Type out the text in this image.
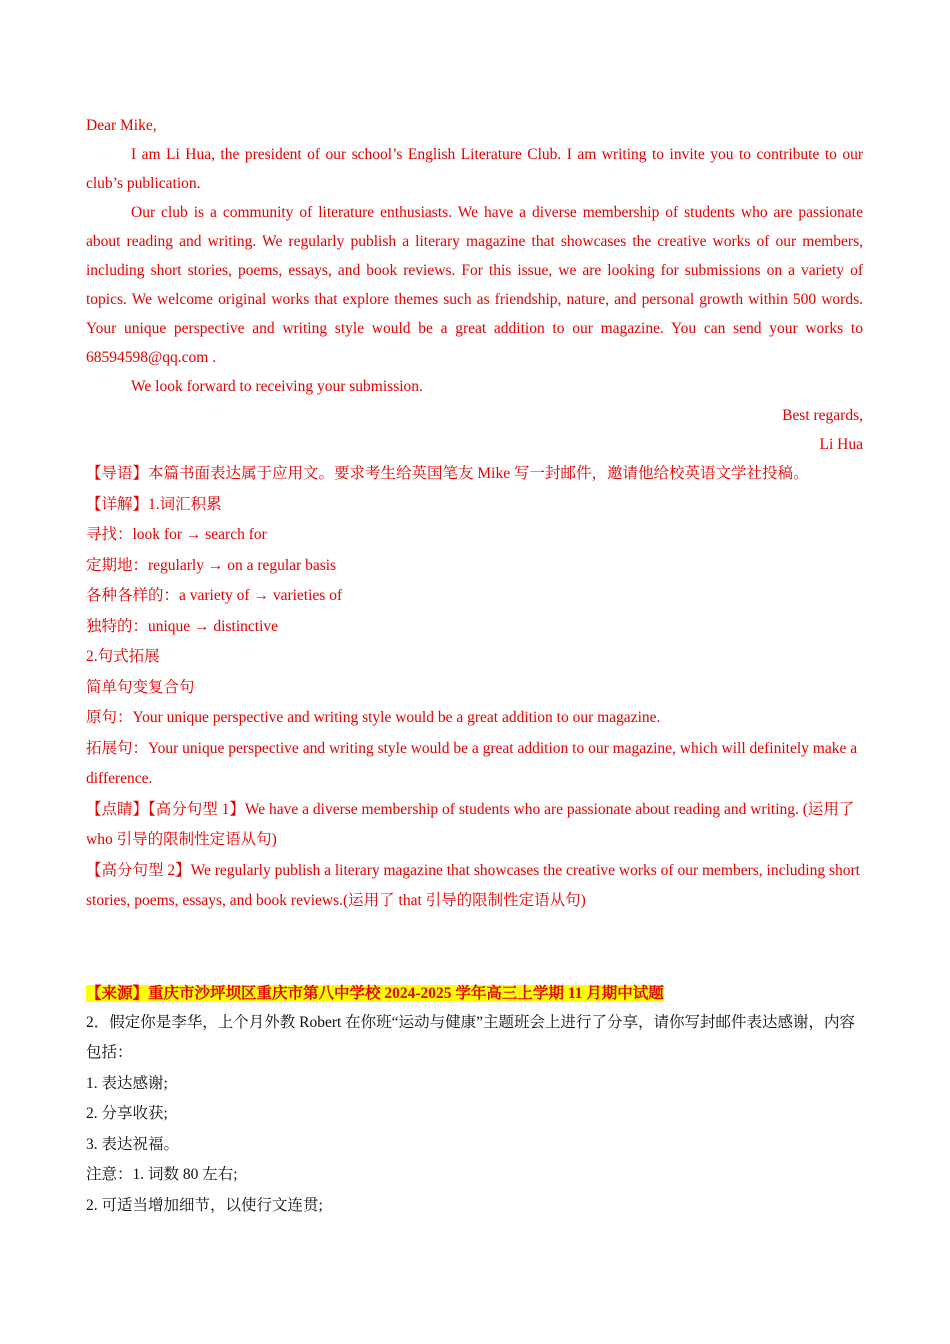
Dear Mike,

I am Li Hua, the president of our school’s English Literature Club. I am writing to invite you to contribute to our club’s publication.

Our club is a community of literature enthusiasts. We have a diverse membership of students who are passionate about reading and writing. We regularly publish a literary magazine that showcases the creative works of our members, including short stories, poems, essays, and book reviews. For this issue, we are looking for submissions on a variety of topics. We welcome original works that explore themes such as friendship, nature, and personal growth within 500 words. Your unique perspective and writing style would be a great addition to our magazine. You can send your works to 68594598@qq.com .

We look forward to receiving your submission.

Best regards,

Li Hua

【导语】本篇书面表达属于应用文。要求考生给英国笔友 Mike 写一封邮件，邀请他给校英语文学社投稿。

【详解】1.词汇积累

寻找：look for → search for

定期地：regularly → on a regular basis

各种各样的：a variety of → varieties of

独特的：unique → distinctive

2.句式拓展

简单句变复合句

原句：Your unique perspective and writing style would be a great addition to our magazine.

拓展句：Your unique perspective and writing style would be a great addition to our magazine, which will definitely make a difference.

【点睛】【高分句型 1】We have a diverse membership of students who are passionate about reading and writing. (运用了 who 引导的限制性定语从句)

【高分句型 2】We regularly publish a literary magazine that showcases the creative works of our members, including short stories, poems, essays, and book reviews.(运用了 that 引导的限制性定语从句)

【来源】重庆市沙坪坝区重庆市第八中学校 2024-2025 学年高三上学期 11 月期中试题

2．假定你是李华，上个月外教 Robert 在你班“运动与健康”主题班会上进行了分享，请你写封邮件表达感谢，内容包括：

1. 表达感谢;

2. 分享收获;

3. 表达祝福。

注意：1. 词数 80 左右;

2. 可适当增加细节，以使行文连贯;
